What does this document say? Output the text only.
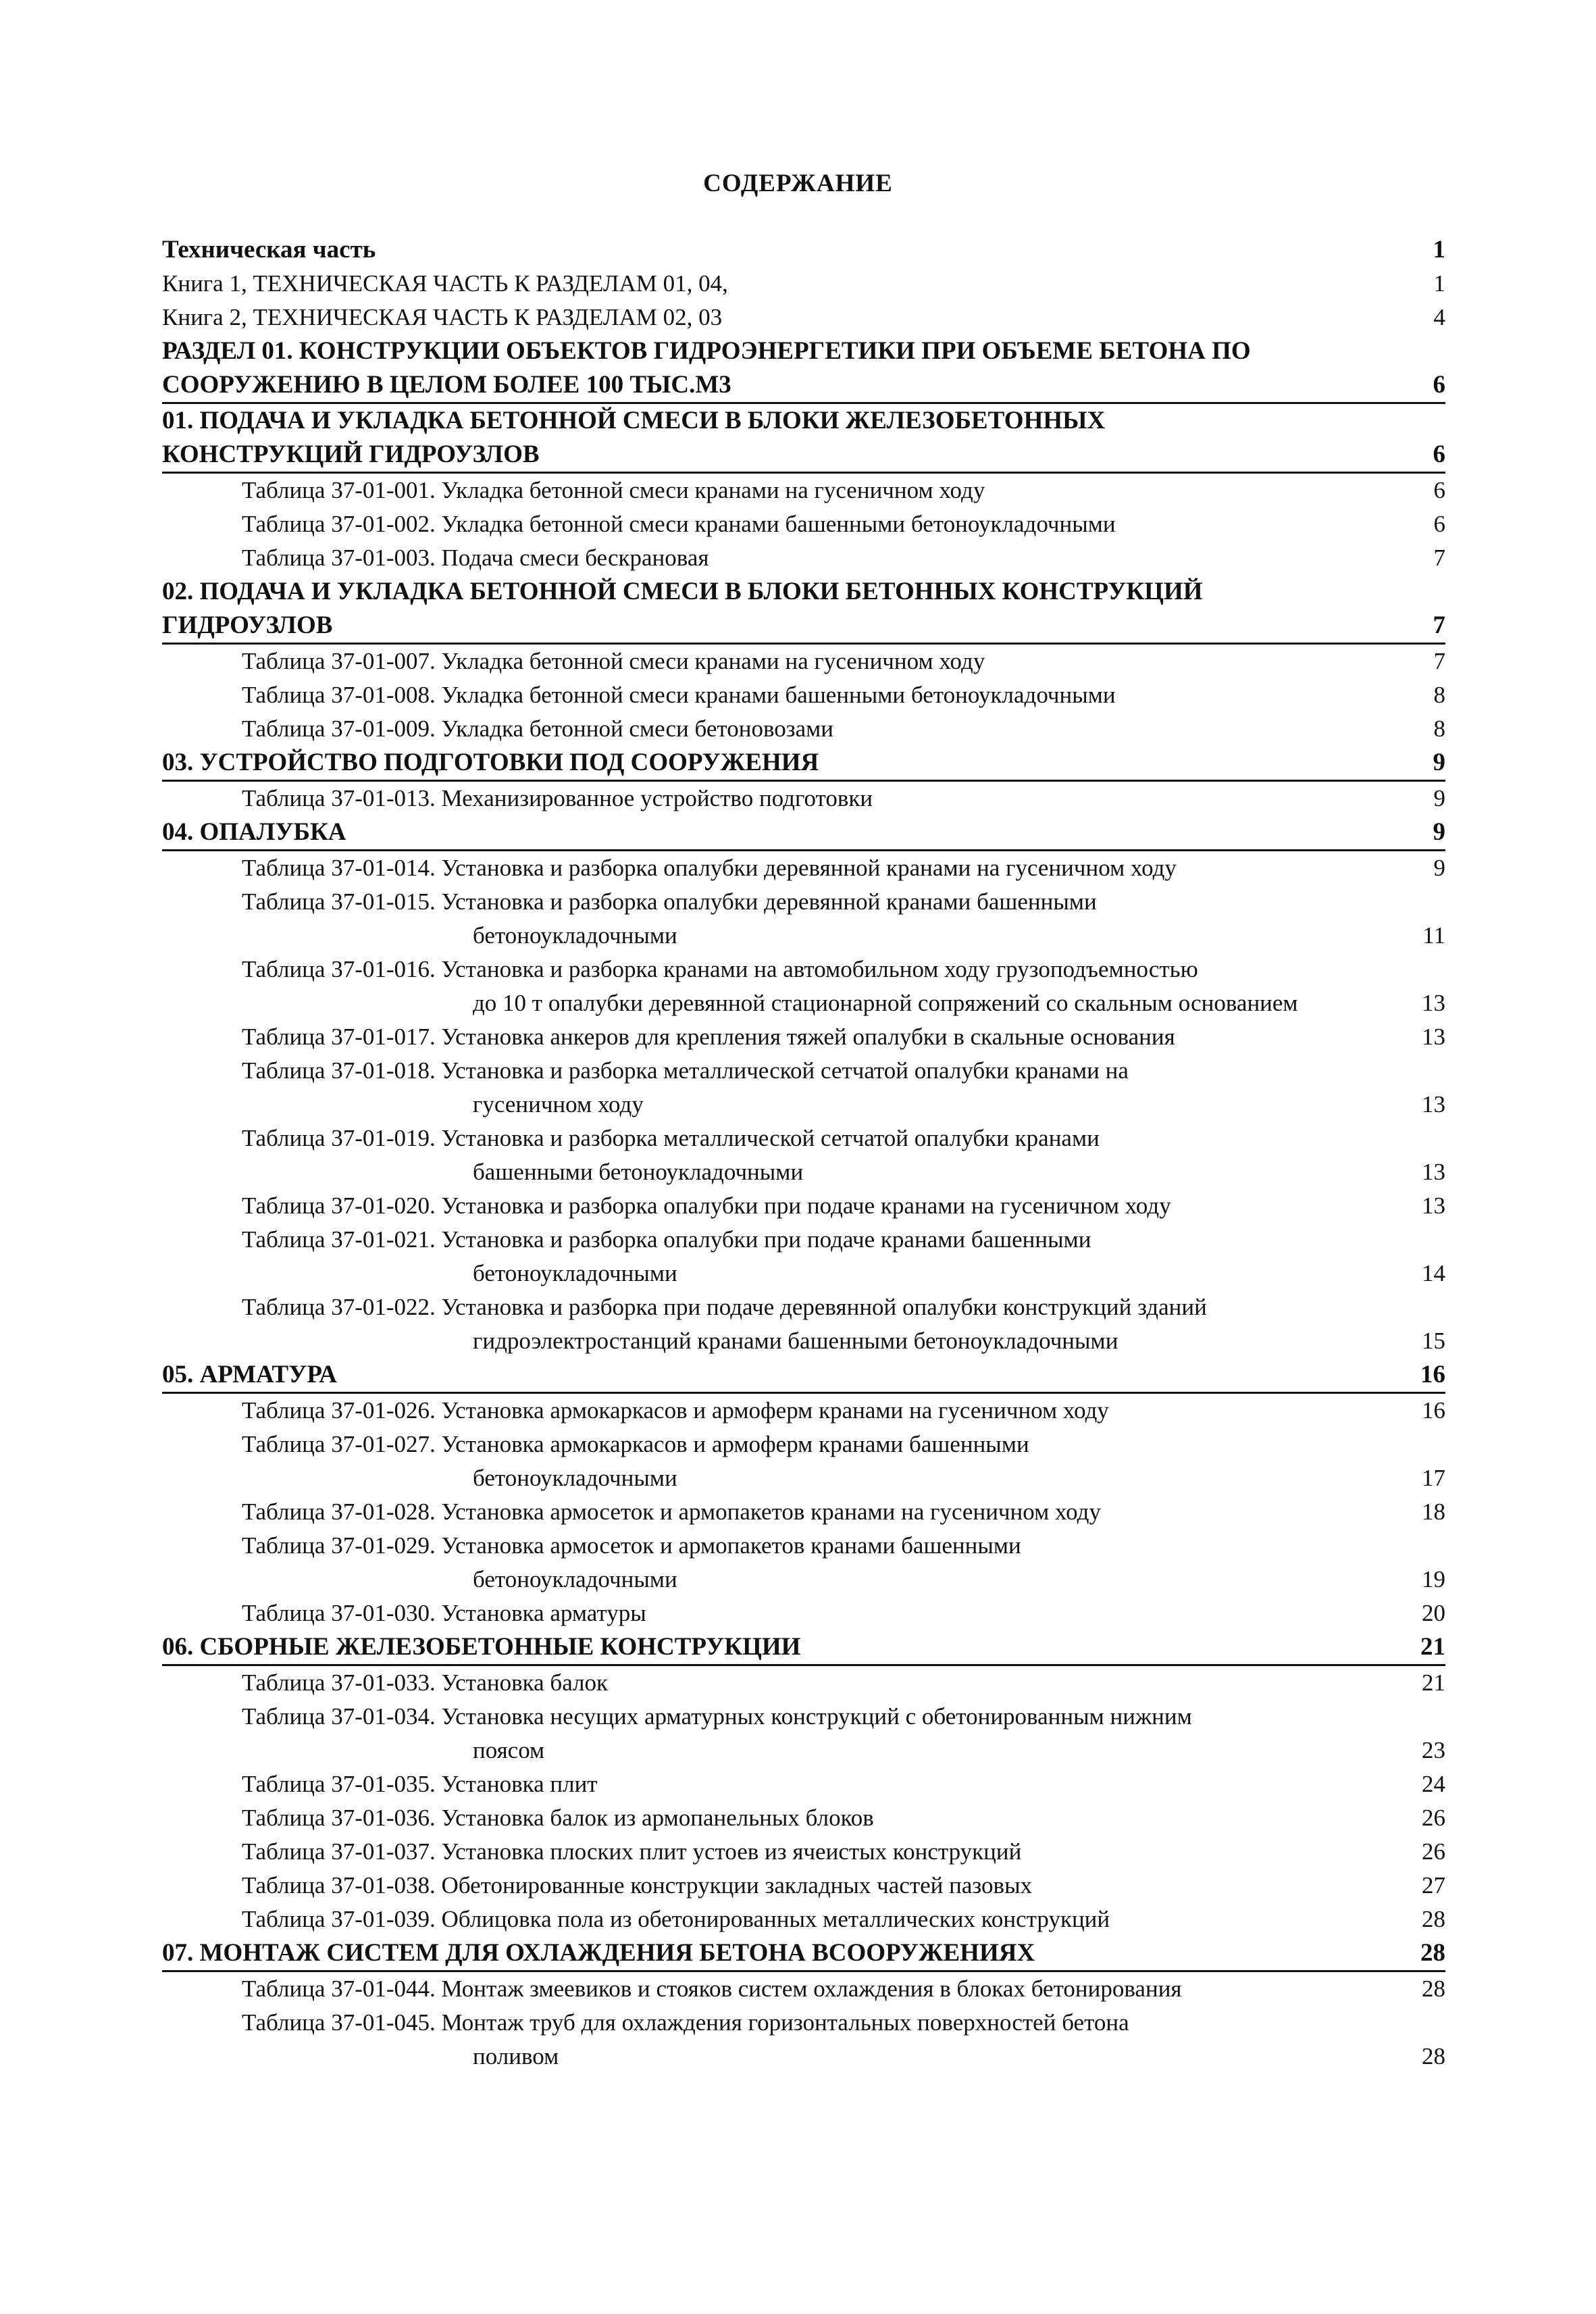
СОДЕРЖАНИЕ
Техническая часть	1
Книга 1, ТЕХНИЧЕСКАЯ ЧАСТЬ К РАЗДЕЛАМ 01, 04,	1
Книга 2, ТЕХНИЧЕСКАЯ ЧАСТЬ К РАЗДЕЛАМ 02, 03	4
РАЗДЕЛ 01. КОНСТРУКЦИИ ОБЪЕКТОВ ГИДРОЭНЕРГЕТИКИ ПРИ ОБЪЕМЕ БЕТОНА ПО
СООРУЖЕНИЮ В ЦЕЛОМ БОЛЕЕ 100 ТЫС.М3	6
01. ПОДАЧА И УКЛАДКА БЕТОННОЙ СМЕСИ В БЛОКИ ЖЕЛЕЗОБЕТОННЫХ
КОНСТРУКЦИЙ ГИДРОУЗЛОВ	6
Таблица 37-01-001. Укладка бетонной смеси кранами на гусеничном ходу	6
Таблица 37-01-002. Укладка бетонной смеси кранами башенными бетоноукладочными	6
Таблица 37-01-003. Подача смеси бескрановая	7
02. ПОДАЧА И УКЛАДКА БЕТОННОЙ СМЕСИ В БЛОКИ БЕТОННЫХ КОНСТРУКЦИЙ
ГИДРОУЗЛОВ	7
Таблица 37-01-007. Укладка бетонной смеси кранами на гусеничном ходу	7
Таблица 37-01-008. Укладка бетонной смеси кранами башенными бетоноукладочными	8
Таблица 37-01-009. Укладка бетонной смеси бетоновозами	8
03. УСТРОЙСТВО ПОДГОТОВКИ ПОД СООРУЖЕНИЯ	9
Таблица 37-01-013. Механизированное устройство подготовки	9
04. ОПАЛУБКА	9
Таблица 37-01-014. Установка и разборка опалубки деревянной кранами на гусеничном ходу	9
Таблица 37-01-015. Установка и разборка опалубки деревянной кранами башенными
бетоноукладочными	11
Таблица 37-01-016. Установка и разборка кранами на автомобильном ходу грузоподъемностью
до 10 т опалубки деревянной стационарной сопряжений со скальным основанием	13
Таблица 37-01-017. Установка анкеров для крепления тяжей опалубки в скальные основания	13
Таблица 37-01-018. Установка и разборка металлической сетчатой опалубки кранами на
гусеничном ходу	13
Таблица 37-01-019. Установка и разборка металлической сетчатой опалубки кранами
башенными бетоноукладочными	13
Таблица 37-01-020. Установка и разборка опалубки при подаче кранами на гусеничном ходу	13
Таблица 37-01-021. Установка и разборка опалубки при подаче кранами башенными
бетоноукладочными	14
Таблица 37-01-022. Установка и разборка при подаче деревянной опалубки конструкций зданий
гидроэлектростанций кранами башенными бетоноукладочными	15
05. АРМАТУРА	16
Таблица 37-01-026. Установка армокаркасов и армоферм кранами на гусеничном ходу	16
Таблица 37-01-027. Установка армокаркасов и армоферм кранами башенными
бетоноукладочными	17
Таблица 37-01-028. Установка армосеток и армопакетов кранами на гусеничном ходу	18
Таблица 37-01-029. Установка армосеток и армопакетов кранами башенными
бетоноукладочными	19
Таблица 37-01-030. Установка арматуры	20
06. СБОРНЫЕ ЖЕЛЕЗОБЕТОННЫЕ КОНСТРУКЦИИ	21
Таблица 37-01-033. Установка балок	21
Таблица 37-01-034. Установка несущих арматурных конструкций с обетонированным нижним
поясом	23
Таблица 37-01-035. Установка плит	24
Таблица 37-01-036. Установка балок из армопанельных блоков	26
Таблица 37-01-037. Установка плоских плит устоев из ячеистых конструкций	26
Таблица 37-01-038. Обетонированные конструкции закладных частей пазовых	27
Таблица 37-01-039. Облицовка пола из обетонированных металлических конструкций	28
07. МОНТАЖ СИСТЕМ ДЛЯ ОХЛАЖДЕНИЯ БЕТОНА ВСООРУЖЕНИЯХ	28
Таблица 37-01-044. Монтаж змеевиков и стояков систем охлаждения в блоках бетонирования	28
Таблица 37-01-045. Монтаж труб для охлаждения горизонтальных поверхностей бетона
поливом	28
